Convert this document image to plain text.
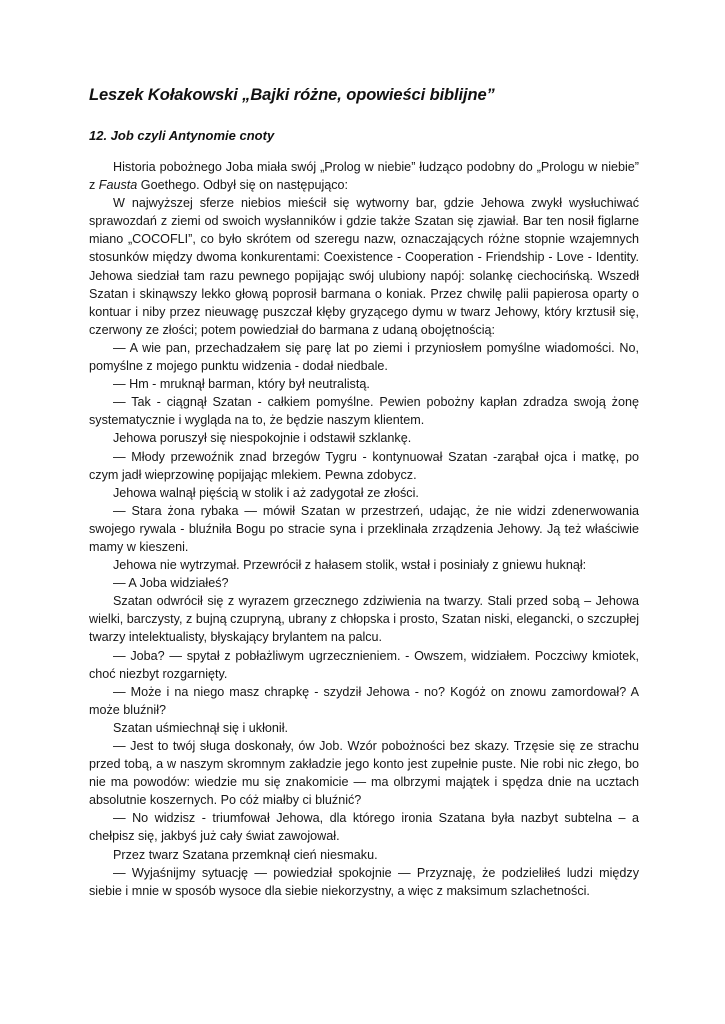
Leszek Kołakowski „Bajki różne, opowieści biblijne”
12. Job czyli Antynomie cnoty

Historia pobożnego Joba miała swój „Prolog w niebie” łudząco podobny do „Prologu w niebie” z Fausta Goethego. Odbył się on następująco:

W najwyższej sferze niebios mieścił się wytworny bar, gdzie Jehowa zwykł wysłuchiwać sprawozdań z ziemi od swoich wysłanników i gdzie także Szatan się zjawiał. Bar ten nosił figlarne miano „COCOFLI”, co było skrótem od szeregu nazw, oznaczających różne stopnie wzajemnych stosunków między dwoma konkurentami: Coexistence - Cooperation - Friendship - Love - Identity. Jehowa siedział tam razu pewnego popijając swój ulubiony napój: solankę ciechocińską. Wszedł Szatan i skinąwszy lekko głową poprosił barmana o koniak. Przez chwilę palii papierosa oparty o kontuar i niby przez nieuwagę puszczał kłęby gryzącego dymu w twarz Jehowy, który krztusił się, czerwony ze złości; potem powiedział do barmana z udaną obojętnością:

— A wie pan, przechadzałem się parę lat po ziemi i przyniosłem pomyślne wiadomości. No, pomyślne z mojego punktu widzenia - dodał niedbale.

— Hm - mruknął barman, który był neutralistą.

— Tak - ciągnął Szatan - całkiem pomyślne. Pewien pobożny kapłan zdradza swoją żonę systematycznie i wygląda na to, że będzie naszym klientem.

Jehowa poruszył się niespokojnie i odstawił szklankę.

— Młody przewoźnik znad brzegów Tygru - kontynuował Szatan -zarąbał ojca i matkę, po czym jadł wieprzowinę popijając mlekiem. Pewna zdobycz.

Jehowa walnął pięścią w stolik i aż zadygotał ze złości.

— Stara żona rybaka — mówił Szatan w przestrzeń, udając, że nie widzi zdenerwowania swojego rywala - bluźniła Bogu po stracie syna i przeklinała zrządzenia Jehowy. Ją też właściwie mamy w kieszeni.

Jehowa nie wytrzymał. Przewrócił z hałasem stolik, wstał i posiniały z gniewu huknął:

— A Joba widziałeś?

Szatan odwrócił się z wyrazem grzecznego zdziwienia na twarzy. Stali przed sobą – Jehowa wielki, barczysty, z bujną czupryną, ubrany z chłopska i prosto, Szatan niski, elegancki, o szczupłej twarzy intelektualisty, błyskający brylantem na palcu.

— Joba? — spytał z pobłażliwym ugrzecznieniem. - Owszem, widziałem. Poczciwy kmiotek, choć niezbyt rozgarnięty.

— Może i na niego masz chrapkę - szydził Jehowa - no? Kogóż on znowu zamordował? A może bluźnił?

Szatan uśmiechnął się i ukłonił.

— Jest to twój sługa doskonały, ów Job. Wzór pobożności bez skazy. Trzęsie się ze strachu przed tobą, a w naszym skromnym zakładzie jego konto jest zupełnie puste. Nie robi nic złego, bo nie ma powodów: wiedzie mu się znakomicie — ma olbrzymi majątek i spędza dnie na ucztach absolutnie koszernych. Po cóż miałby ci bluźnić?

— No widzisz - triumfował Jehowa, dla którego ironia Szatana była nazbyt subtelna – a chełpisz się, jakbyś już cały świat zawojował.

Przez twarz Szatana przemknął cień niesmaku.

— Wyjaśnijmy sytuację — powiedział spokojnie — Przyznaję, że podzieliłeś ludzi między siebie i mnie w sposób wysoce dla siebie niekorzystny, a więc z maksimum szlachetności.
